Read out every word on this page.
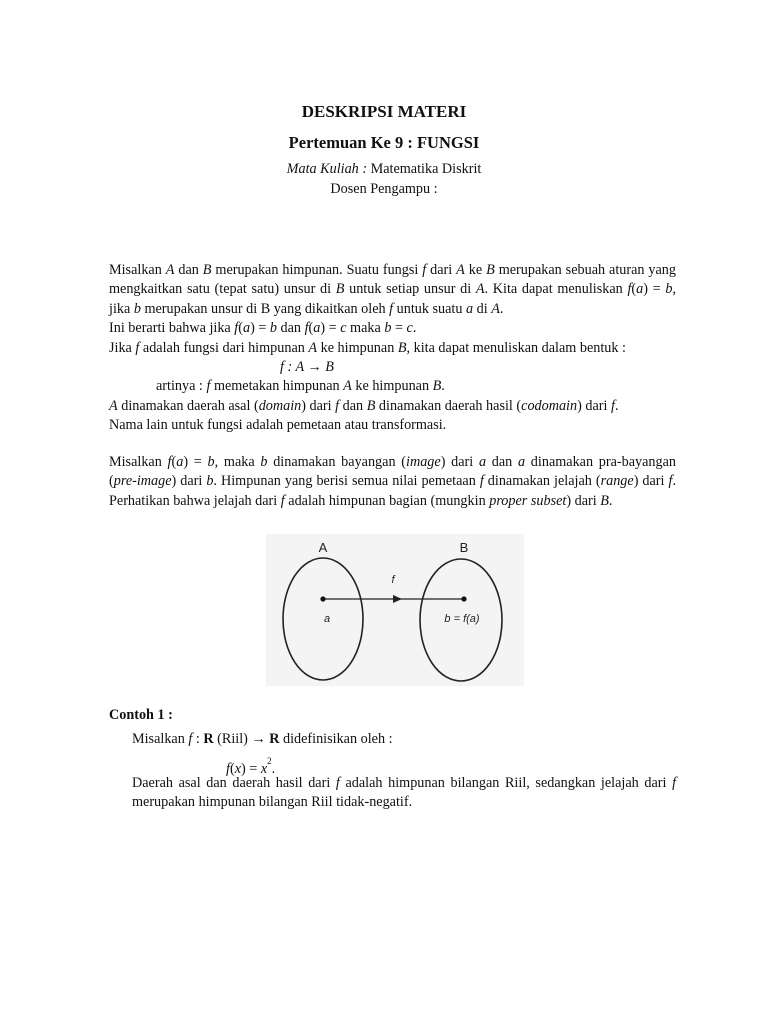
DESKRIPSI MATERI
Pertemuan Ke 9 : FUNGSI
Mata Kuliah : Matematika Diskrit
Dosen Pengampu :

Misalkan A dan B merupakan himpunan. Suatu fungsi f dari A ke B merupakan sebuah aturan yang mengkaitkan satu (tepat satu) unsur di B untuk setiap unsur di A. Kita dapat menuliskan f(a) = b, jika b merupakan unsur di B yang dikaitkan oleh f untuk suatu a di A.

Ini berarti bahwa jika f(a) = b dan f(a) = c maka b = c.

Jika f adalah fungsi dari himpunan A ke himpunan B, kita dapat menuliskan dalam bentuk :

f : A → B

artinya : f memetakan himpunan A ke himpunan B.

A dinamakan daerah asal (domain) dari f dan B dinamakan daerah hasil (codomain) dari f.

Nama lain untuk fungsi adalah pemetaan atau transformasi.

Misalkan f(a) = b, maka b dinamakan bayangan (image) dari a dan a dinamakan pra-bayangan (pre-image) dari b. Himpunan yang berisi semua nilai pemetaan f dinamakan jelajah (range) dari f. Perhatikan bahwa jelajah dari f adalah himpunan bagian (mungkin proper subset) dari B.

A	B
f
a	b = f(a)
Contoh 1 :
Misalkan f : R (Riil) → R didefinisikan oleh :
$f(x) = x^2$.
Daerah asal dan daerah hasil dari f adalah himpunan bilangan Riil, sedangkan jelajah dari f merupakan himpunan bilangan Riil tidak-negatif.
